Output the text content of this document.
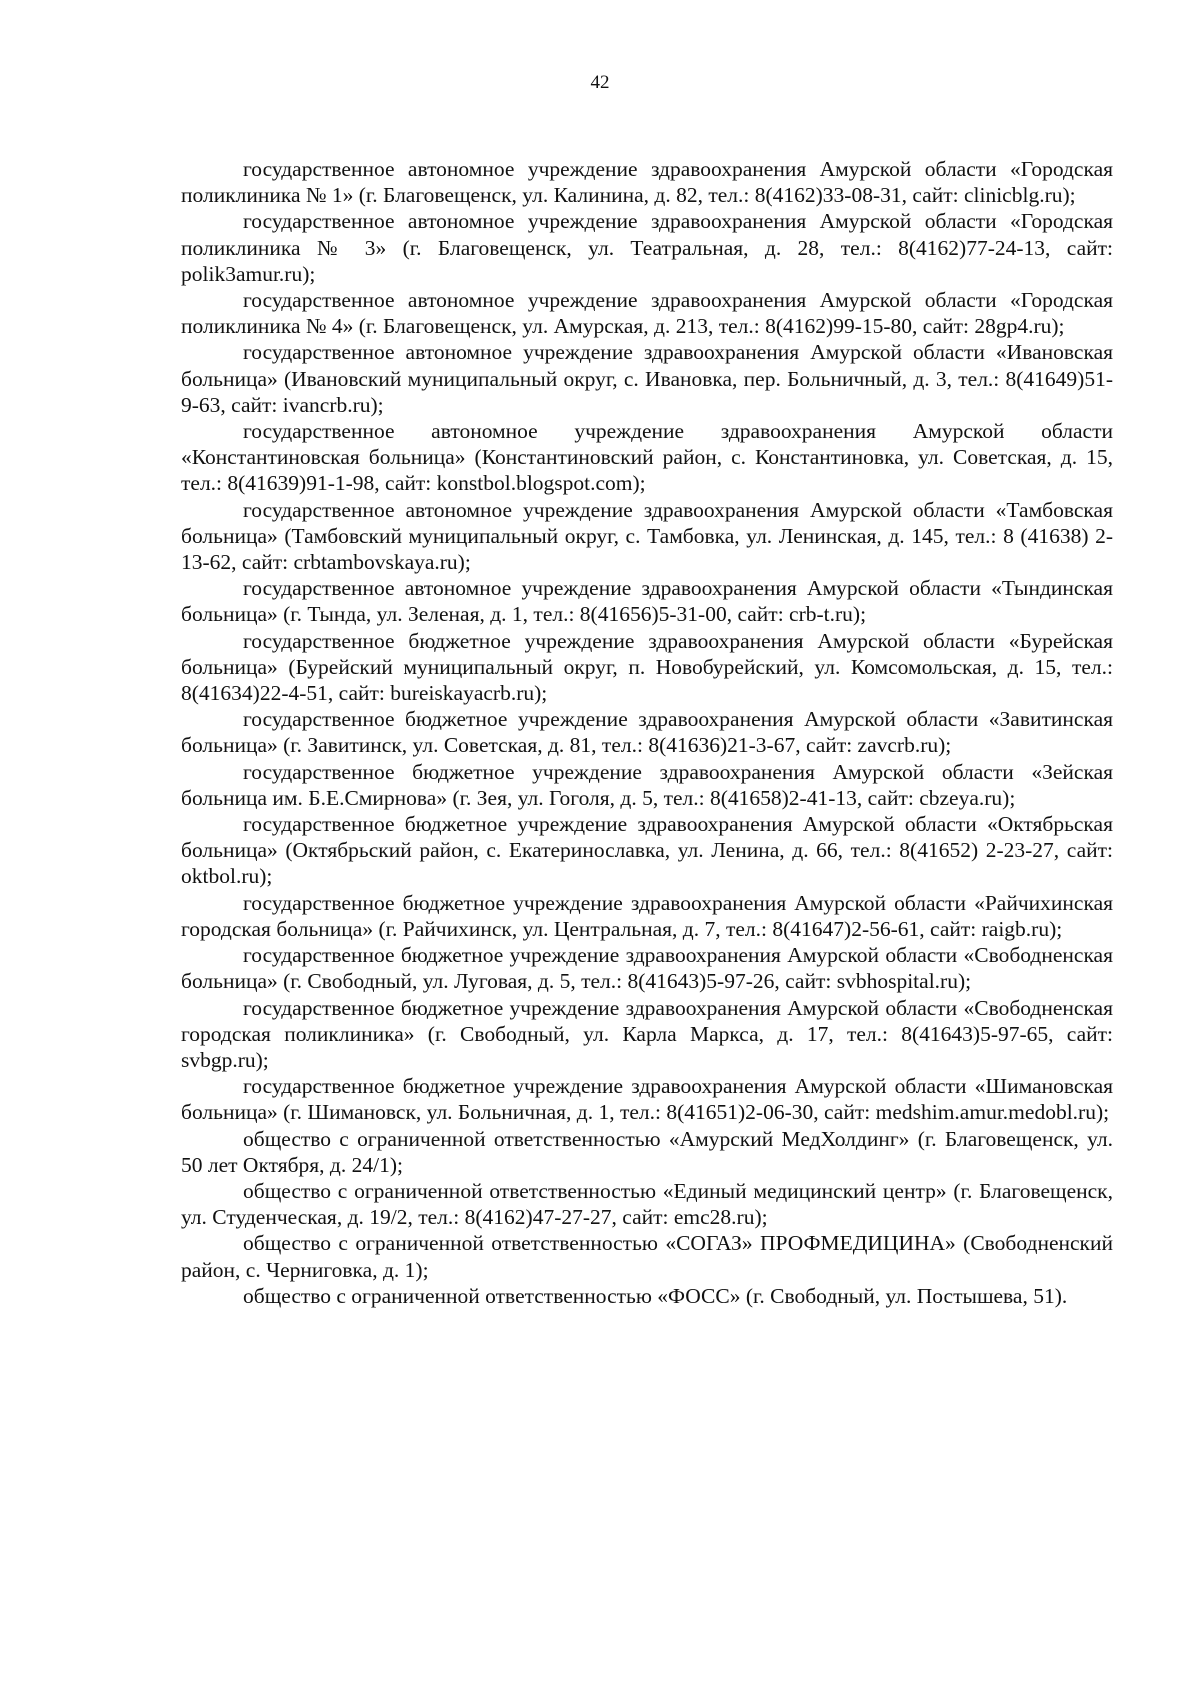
42

государственное автономное учреждение здравоохранения Амурской области «Городская поликлиника № 1» (г. Благовещенск, ул. Калинина, д. 82, тел.: 8(4162)33-08-31, сайт: clinicblg.ru);

государственное автономное учреждение здравоохранения Амурской области «Городская поликлиника № 3» (г. Благовещенск, ул. Театральная, д. 28, тел.: 8(4162)77-24-13, сайт: polik3amur.ru);

государственное автономное учреждение здравоохранения Амурской области «Городская поликлиника № 4» (г. Благовещенск, ул. Амурская, д. 213, тел.: 8(4162)99-15-80, сайт: 28gp4.ru);

государственное автономное учреждение здравоохранения Амурской области «Ивановская больница» (Ивановский муниципальный округ, с. Ивановка, пер. Больничный, д. 3, тел.: 8(41649)51-9-63, сайт: ivancrb.ru);

государственное автономное учреждение здравоохранения Амурской области «Константиновская больница» (Константиновский район, с. Константиновка, ул. Советская, д. 15, тел.: 8(41639)91-1-98, сайт: konstbol.blogspot.com);

государственное автономное учреждение здравоохранения Амурской области «Тамбовская больница» (Тамбовский муниципальный округ, с. Тамбовка, ул. Ленинская, д. 145, тел.: 8 (41638) 2-13-62, сайт: crbtambovskaya.ru);

государственное автономное учреждение здравоохранения Амурской области «Тындинская больница» (г. Тында, ул. Зеленая, д. 1, тел.: 8(41656)5-31-00, сайт: crb-t.ru);

государственное бюджетное учреждение здравоохранения Амурской области «Бурейская больница» (Бурейский муниципальный округ, п. Новобурейский, ул. Комсомольская, д. 15, тел.: 8(41634)22-4-51, сайт: bureiskayacrb.ru);

государственное бюджетное учреждение здравоохранения Амурской области «Завитинская больница» (г. Завитинск, ул. Советская, д. 81, тел.: 8(41636)21-3-67, сайт: zavcrb.ru);

государственное бюджетное учреждение здравоохранения Амурской области «Зейская больница им. Б.Е.Смирнова» (г. Зея, ул. Гоголя, д. 5, тел.: 8(41658)2-41-13, сайт: cbzeya.ru);

государственное бюджетное учреждение здравоохранения Амурской области «Октябрьская больница» (Октябрьский район, с. Екатеринославка, ул. Ленина, д. 66, тел.: 8(41652) 2-23-27, сайт: oktbol.ru);

государственное бюджетное учреждение здравоохранения Амурской области «Райчихинская городская больница» (г. Райчихинск, ул. Центральная, д. 7, тел.: 8(41647)2-56-61, сайт: raigb.ru);

государственное бюджетное учреждение здравоохранения Амурской области «Свободненская больница» (г. Свободный, ул. Луговая, д. 5, тел.: 8(41643)5-97-26, сайт: svbhospital.ru);

государственное бюджетное учреждение здравоохранения Амурской области «Свободненская городская поликлиника» (г. Свободный, ул. Карла Маркса, д. 17, тел.: 8(41643)5-97-65, сайт: svbgp.ru);

государственное бюджетное учреждение здравоохранения Амурской области «Шимановская больница» (г. Шимановск, ул. Больничная, д. 1, тел.: 8(41651)2-06-30, сайт: medshim.amur.medobl.ru);

общество с ограниченной ответственностью «Амурский МедХолдинг» (г. Благовещенск, ул. 50 лет Октября, д. 24/1);

общество с ограниченной ответственностью «Единый медицинский центр» (г. Благовещенск, ул. Студенческая, д. 19/2, тел.: 8(4162)47-27-27, сайт: emc28.ru);

общество с ограниченной ответственностью «СОГАЗ» ПРОФМЕДИЦИНА» (Свободненский район, с. Черниговка, д. 1);

общество с ограниченной ответственностью «ФОСС» (г. Свободный, ул. Постышева, 51).
